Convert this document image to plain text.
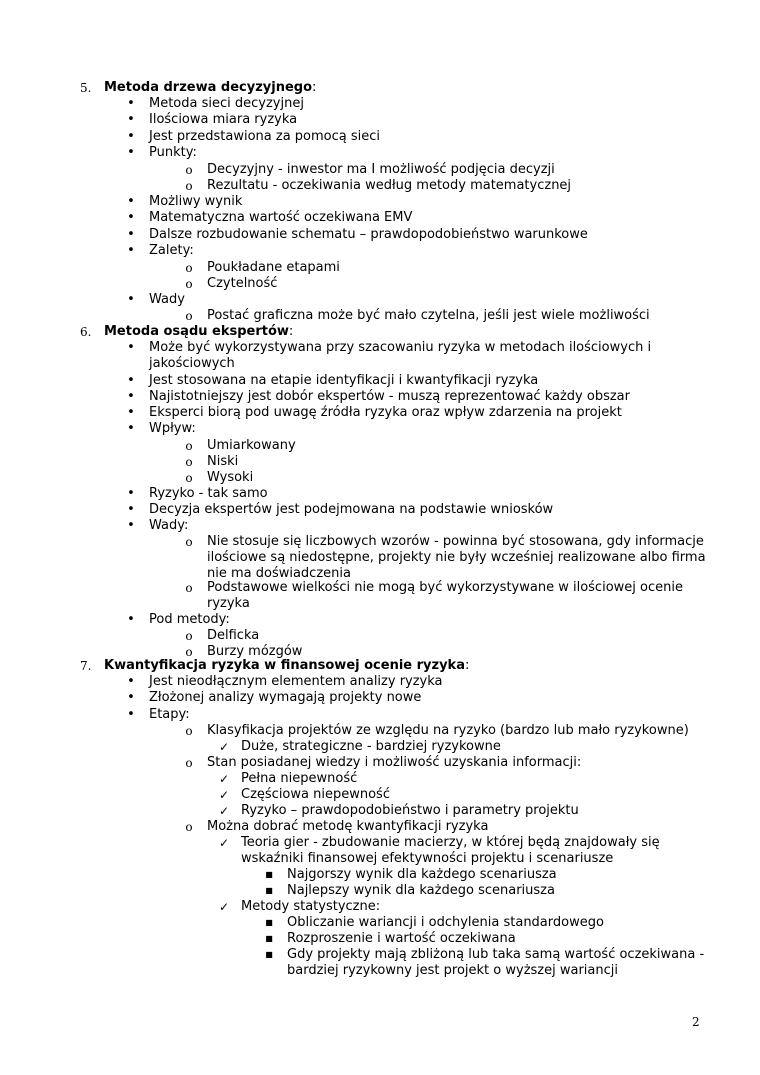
5. Metoda drzewa decyzyjnego:
• Metoda sieci decyzyjnej
• Ilościowa miara ryzyka
• Jest przedstawiona za pomocą sieci
• Punkty:
o Decyzyjny - inwestor ma I możliwość podjęcia decyzji
o Rezultatu - oczekiwania według metody matematycznej
• Możliwy wynik
• Matematyczna wartość oczekiwana EMV
• Dalsze rozbudowanie schematu – prawdopodobieństwo warunkowe
• Zalety:
o Poukładane etapami
o Czytelność
• Wady
o Postać graficzna może być mało czytelna, jeśli jest wiele możliwości
6. Metoda osądu ekspertów:
• Może być wykorzystywana przy szacowaniu ryzyka w metodach ilościowych i
jakościowych
• Jest stosowana na etapie identyfikacji i kwantyfikacji ryzyka
• Najistotniejszy jest dobór ekspertów - muszą reprezentować każdy obszar
• Eksperci biorą pod uwagę źródła ryzyka oraz wpływ zdarzenia na projekt
• Wpływ:
o Umiarkowany
o Niski
o Wysoki
• Ryzyko - tak samo
• Decyzja ekspertów jest podejmowana na podstawie wniosków
• Wady:
o Nie stosuje się liczbowych wzorów - powinna być stosowana, gdy informacje
ilościowe są niedostępne, projekty nie były wcześniej realizowane albo firma
nie ma doświadczenia
o Podstawowe wielkości nie mogą być wykorzystywane w ilościowej ocenie
ryzyka
• Pod metody:
o Delficka
o Burzy mózgów
7. Kwantyfikacja ryzyka w finansowej ocenie ryzyka:
• Jest nieodłącznym elementem analizy ryzyka
• Złożonej analizy wymagają projekty nowe
• Etapy:
o Klasyfikacja projektów ze względu na ryzyko (bardzo lub mało ryzykowne)
✓ Duże, strategiczne - bardziej ryzykowne
o Stan posiadanej wiedzy i możliwość uzyskania informacji:
✓ Pełna niepewność
✓ Częściowa niepewność
✓ Ryzyko – prawdopodobieństwo i parametry projektu
o Można dobrać metodę kwantyfikacji ryzyka
✓ Teoria gier - zbudowanie macierzy, w której będą znajdowały się
wskaźniki finansowej efektywności projektu i scenariusze
■ Najgorszy wynik dla każdego scenariusza
■ Najlepszy wynik dla każdego scenariusza
✓ Metody statystyczne:
■ Obliczanie wariancji i odchylenia standardowego
■ Rozproszenie i wartość oczekiwana
■ Gdy projekty mają zbliżoną lub taka samą wartość oczekiwana -
bardziej ryzykowny jest projekt o wyższej wariancji
2
